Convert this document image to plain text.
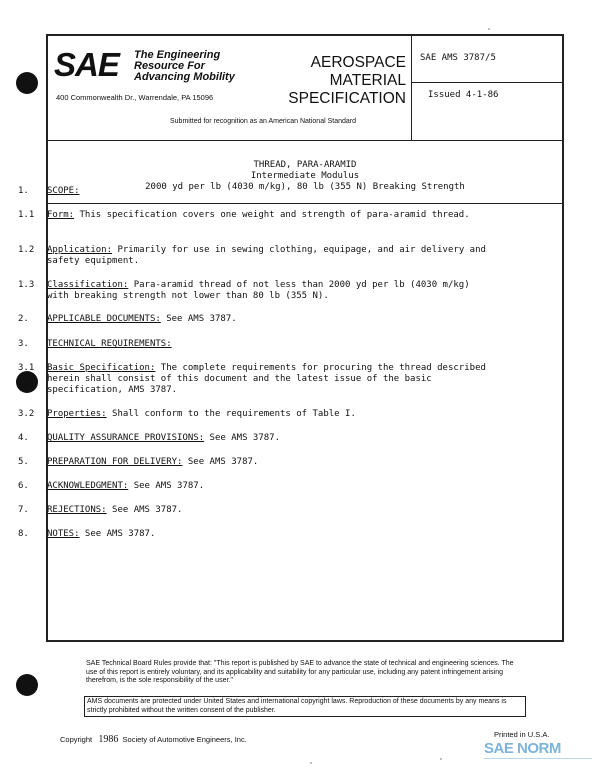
SAE The Engineering
Resource For
Advancing Mobility
400 Commonwealth Dr., Warrendale, PA 15096
Submitted for recognition as an American National Standard
AEROSPACE
MATERIAL
SPECIFICATION
SAE AMS 3787/5
Issued 4-1-86
THREAD, PARA-ARAMID
Intermediate Modulus
2000 yd per lb (4030 m/kg), 80 lb (355 N) Breaking Strength
1. SCOPE:
1.1 Form: This specification covers one weight and strength of para-aramid thread.
1.2 Application: Primarily for use in sewing clothing, equipage, and air delivery and safety equipment.
1.3 Classification: Para-aramid thread of not less than 2000 yd per lb (4030 m/kg) with breaking strength not lower than 80 lb (355 N).
2. APPLICABLE DOCUMENTS: See AMS 3787.
3. TECHNICAL REQUIREMENTS:
3.1 Basic Specification: The complete requirements for procuring the thread described herein shall consist of this document and the latest issue of the basic specification, AMS 3787.
3.2 Properties: Shall conform to the requirements of Table I.
4. QUALITY ASSURANCE PROVISIONS: See AMS 3787.
5. PREPARATION FOR DELIVERY: See AMS 3787.
6. ACKNOWLEDGMENT: See AMS 3787.
7. REJECTIONS: See AMS 3787.
8. NOTES: See AMS 3787.
SAE Technical Board Rules provide that: "This report is published by SAE to advance the state of technical and engineering sciences. The use of this report is entirely voluntary, and its applicability and suitability for any particular use, including any patent infringement arising therefrom, is the sole responsibility of the user."
AMS documents are protected under United States and international copyright laws. Reproduction of these documents by any means is strictly prohibited without the written consent of the publisher.
Copyright 1986 Society of Automotive Engineers, Inc.
Printed in U.S.A.
SAE NORM
